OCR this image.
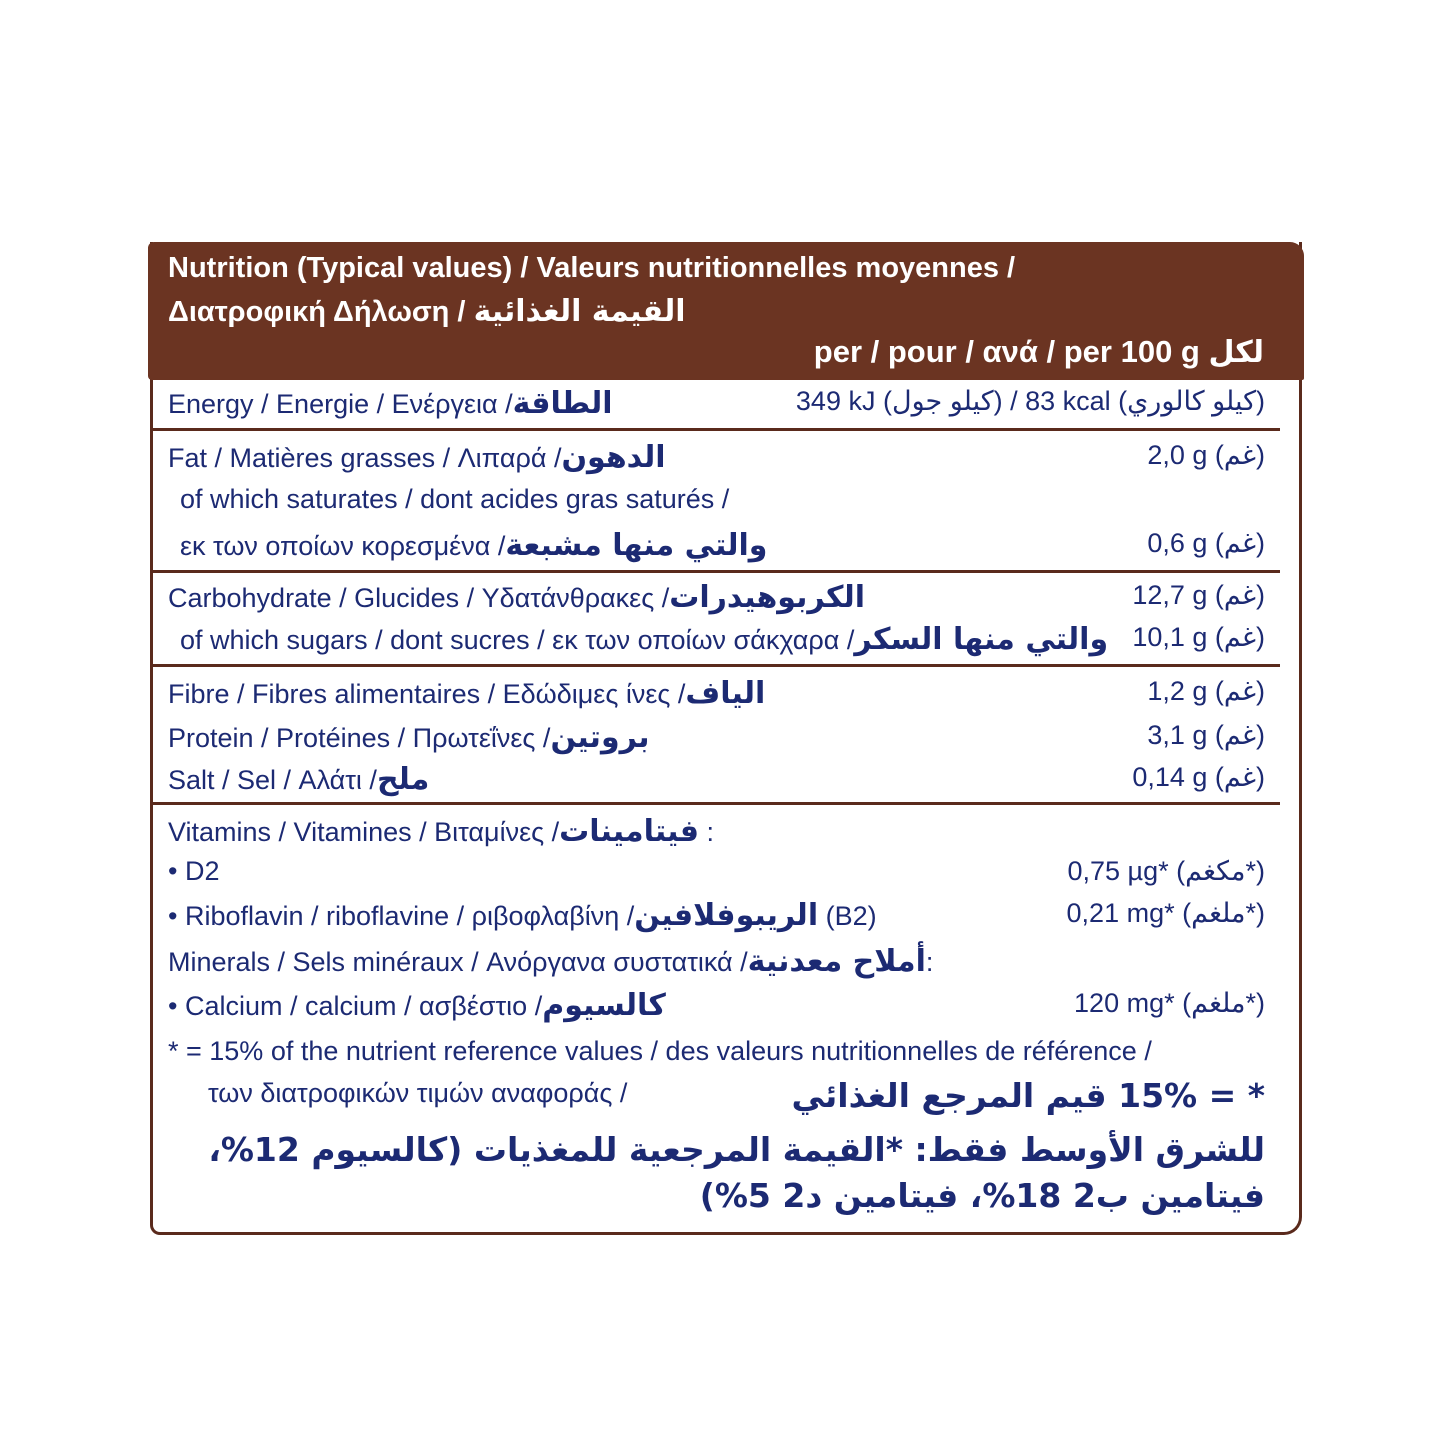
Nutrition (Typical values) / Valeurs nutritionnelles moyennes /
Διατροφική Δήλωση / القيمة الغذائية
per / pour / ανά / per 100 g لكل
Energy / Energie / Ενέργεια /الطاقة	349 kJ (كيلو جول) / 83 kcal (كيلو كالوري)
Fat / Matières grasses / Λιπαρά /الدهون	2,0 g (غم)
of which saturates / dont acides gras saturés /
εκ των οποίων κορεσμένα /والتي منها مشبعة	0,6 g (غم)
Carbohydrate / Glucides / Υδατάνθρακες /الكربوهيدرات	12,7 g (غم)
of which sugars / dont sucres / εκ των οποίων σάκχαρα /والتي منها السكر 10,1 g (غم)
Fibre / Fibres alimentaires / Εδώδιμες ίνες /الياف	1,2 g (غم)
Protein / Protéines / Πρωτεΐνες /بروتين	3,1 g (غم)
Salt / Sel / Αλάτι /ملح	0,14 g (غم)
Vitamins / Vitamines / Βιταμίνες /فيتامينات :
• D2	0,75 µg* (مكغم*)
• Riboflavin / riboflavine / ριβοφλαβίνη /الريبوفلافين (B2)	0,21 mg* (ملغم*)
Minerals / Sels minéraux / Ανόργανα συστατικά /أملاح معدنية:
• Calcium / calcium / ασβέστιο /كالسيوم	120 mg* (ملغم*)
* = 15% of the nutrient reference values / des valeurs nutritionnelles de référence /
των διατροφικών τιμών αναφοράς /	* = 15% قيم المرجع الغذائي
للشرق الأوسط فقط: *القيمة المرجعية للمغذيات (كالسيوم 12%،
فيتامين ب2 18%، فيتامين د2 5%)
